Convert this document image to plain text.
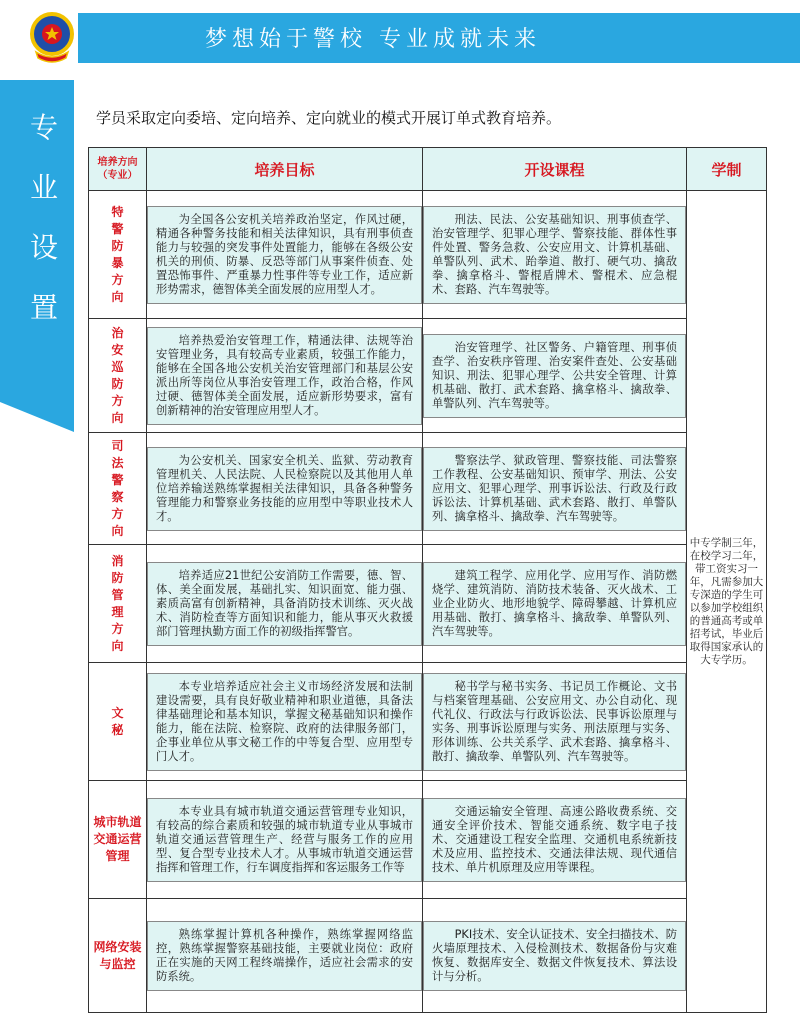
梦想始于警校 专业成就未来
专
业
设
置
学员采取定向委培、定向培养、定向就业的模式开展订单式教育培养。
培养方向（专业）	培养目标	开设课程	学制
特警防暴方向	为全国各公安机关培养政治坚定，作风过硬，精通各种警务技能和相关法律知识，具有刑事侦查能力与较强的突发事件处置能力，能够在各级公安机关的刑侦、防暴、反恐等部门从事案件侦查、处置恐怖事件、严重暴力性事件等专业工作，适应新形势需求，德智体美全面发展的应用型人才。	刑法、民法、公安基础知识、刑事侦查学、治安管理学、犯罪心理学、警察技能、群体性事件处置、警务急救、公安应用文、计算机基础、单警队列、武术、跆拳道、散打、硬气功、擒敌拳、擒拿格斗、警棍盾牌术、警棍术、应急棍术、套路、汽车驾驶等。	中专学制三年，在校学习二年，带工资实习一年，凡需参加大专深造的学生可以参加学校组织的普通高考或单招考试，毕业后取得国家承认的大专学历。

治安巡防方向	培养热爱治安管理工作，精通法律、法规等治安管理业务，具有较高专业素质，较强工作能力，能够在全国各地公安机关治安管理部门和基层公安派出所等岗位从事治安管理工作，政治合格，作风过硬、德智体美全面发展，适应新形势要求，富有创新精神的治安管理应用型人才。	治安管理学、社区警务、户籍管理、刑事侦查学、治安秩序管理、治安案件查处、公安基础知识、刑法、犯罪心理学、公共安全管理、计算机基础、散打、武术套路、擒拿格斗、擒敌拳、单警队列、汽车驾驶等。	

司法警察方向	为公安机关、国家安全机关、监狱、劳动教育管理机关、人民法院、人民检察院以及其他用人单位培养输送熟练掌握相关法律知识，具备各种警务管理能力和警察业务技能的应用型中等职业技术人才。	警察法学、狱政管理、警察技能、司法警察工作教程、公安基础知识、预审学、刑法、公安应用文、犯罪心理学、刑事诉讼法、行政及行政诉讼法、计算机基础、武术套路、散打、单警队列、擒拿格斗、擒敌拳、汽车驾驶等。	

消防管理方向	培养适应21世纪公安消防工作需要，德、智、体、美全面发展，基础扎实、知识面宽、能力强、素质高富有创新精神，具备消防技术训练、灭火战术、消防检查等方面知识和能力，能从事灭火救援部门管理执勤方面工作的初级指挥警官。	建筑工程学、应用化学、应用写作、消防燃烧学、建筑消防、消防技术装备、灭火战术、工业企业防火、地形地貌学、障碍攀越、计算机应用基础、散打、擒拿格斗、擒敌拳、单警队列、汽车驾驶等。	

文秘	本专业培养适应社会主义市场经济发展和法制建设需要，具有良好敬业精神和职业道德，具备法律基础理论和基本知识，掌握文秘基础知识和操作能力，能在法院、检察院、政府的法律服务部门，企事业单位从事文秘工作的中等复合型、应用型专门人才。	秘书学与秘书实务、书记员工作概论、文书与档案管理基础、公安应用文、办公自动化、现代礼仪、行政法与行政诉讼法、民事诉讼原理与实务、刑事诉讼原理与实务、刑法原理与实务、形体训练、公共关系学、武术套路、擒拿格斗、散打、擒敌拳、单警队列、汽车驾驶等。	

城市轨道交通运营管理	本专业具有城市轨道交通运营管理专业知识，有较高的综合素质和较强的城市轨道专业从事城市轨道交通运营管理生产、经营与服务工作的应用型、复合型专业技术人才。从事城市轨道交通运营指挥和管理工作，行车调度指挥和客运服务工作等	交通运输安全管理、高速公路收费系统、交通安全评价技术、智能交通系统、数字电子技术、交通建设工程安全监理、交通机电系统新技术及应用、监控技术、交通法律法规、现代通信技术、单片机原理及应用等课程。	

网络安装与监控	熟练掌握计算机各种操作，熟练掌握网络监控，熟练掌握警察基础技能，主要就业岗位：政府正在实施的天网工程终端操作，适应社会需求的安防系统。	PKI技术、安全认证技术、安全扫描技术、防火墙原理技术、入侵检测技术、数据备份与灾难恢复、数据库安全、数据文件恢复技术、算法设计与分析。	
